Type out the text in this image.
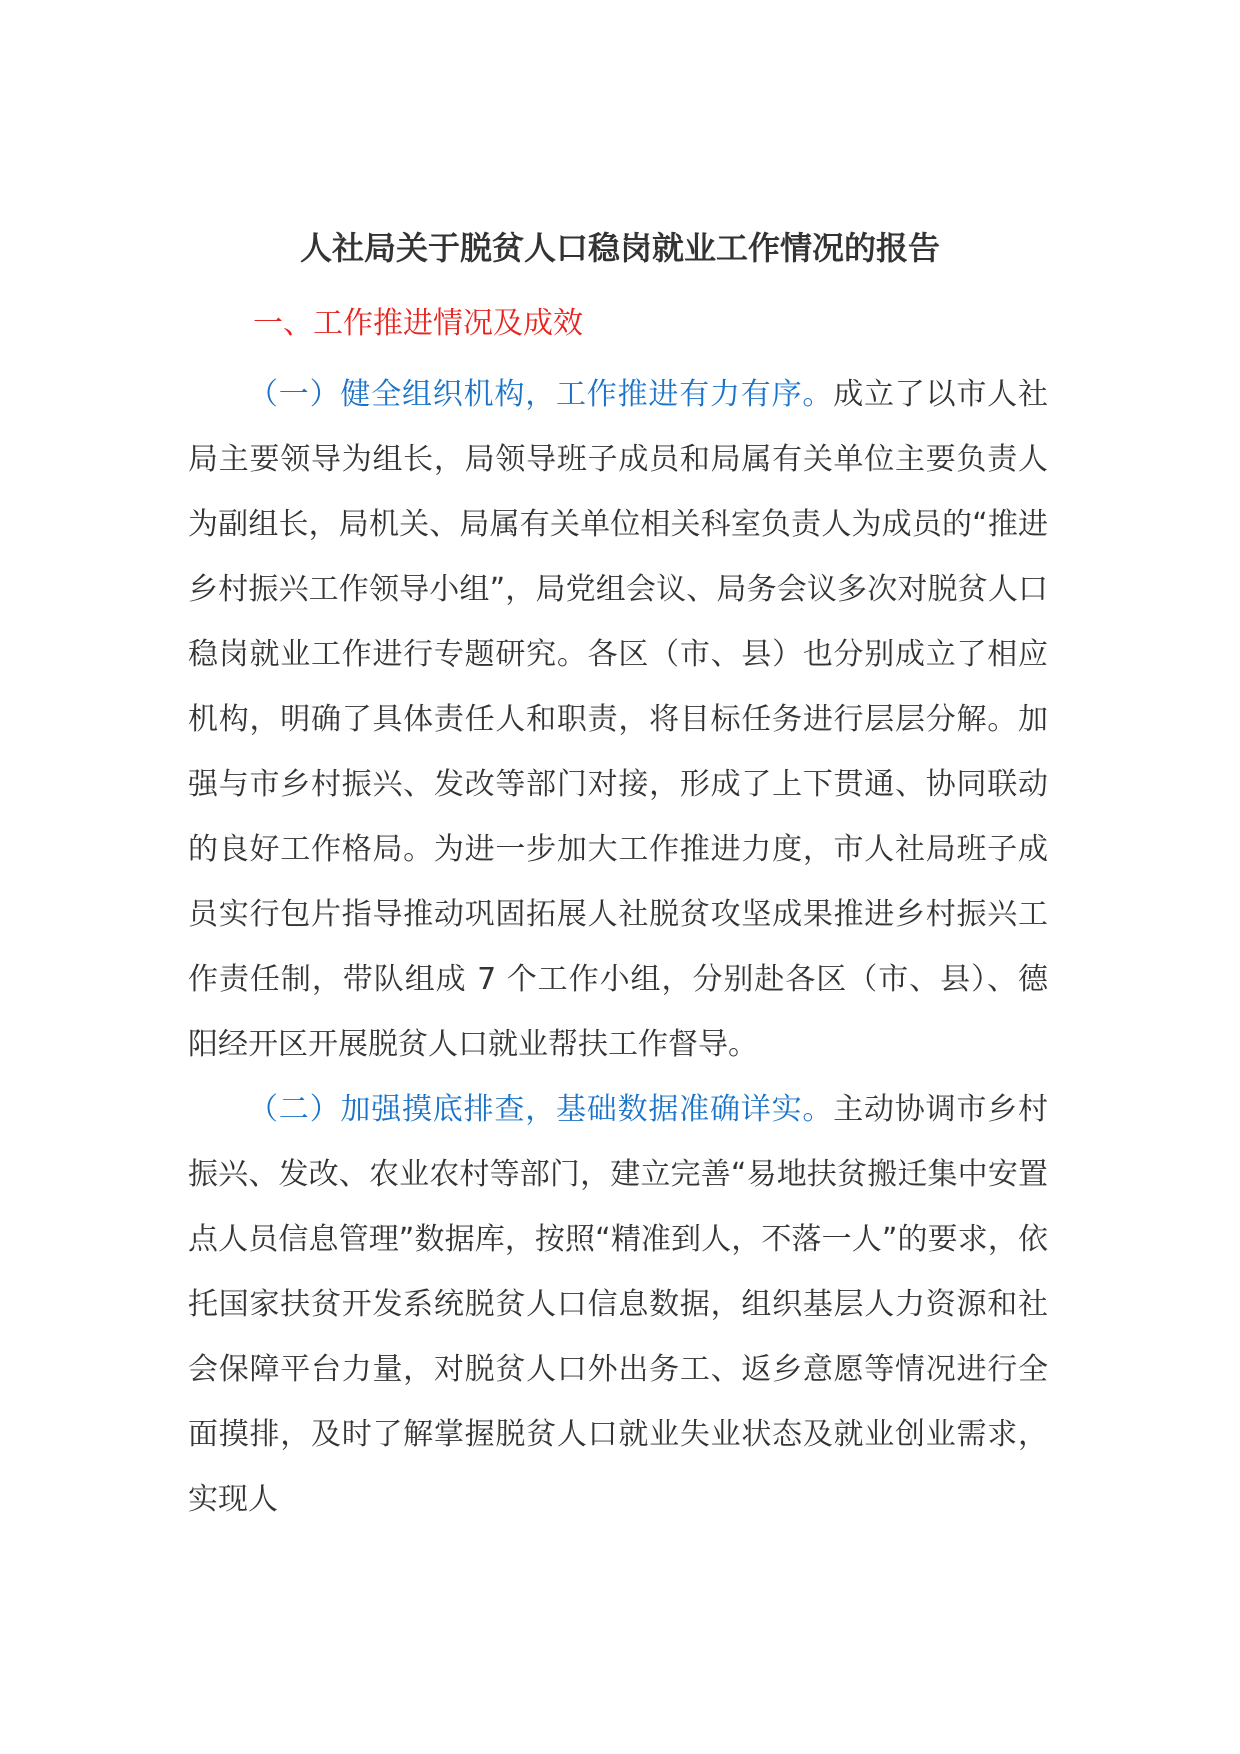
人社局关于脱贫人口稳岗就业工作情况的报告
一、工作推进情况及成效

（一）健全组织机构，工作推进有力有序。成立了以市人社局主要领导为组长，局领导班子成员和局属有关单位主要负责人为副组长，局机关、局属有关单位相关科室负责人为成员的“推进乡村振兴工作领导小组”，局党组会议、局务会议多次对脱贫人口稳岗就业工作进行专题研究。各区（市、县）也分别成立了相应机构，明确了具体责任人和职责，将目标任务进行层层分解。加强与市乡村振兴、发改等部门对接，形成了上下贯通、协同联动的良好工作格局。为进一步加大工作推进力度，市人社局班子成员实行包片指导推动巩固拓展人社脱贫攻坚成果推进乡村振兴工作责任制，带队组成 7 个工作小组，分别赴各区（市、县）、德阳经开区开展脱贫人口就业帮扶工作督导。

（二）加强摸底排查，基础数据准确详实。主动协调市乡村振兴、发改、农业农村等部门，建立完善“易地扶贫搬迁集中安置点人员信息管理”数据库，按照“精准到人，不落一人”的要求，依托国家扶贫开发系统脱贫人口信息数据，组织基层人力资源和社会保障平台力量，对脱贫人口外出务工、返乡意愿等情况进行全面摸排，及时了解掌握脱贫人口就业失业状态及就业创业需求，实现人
